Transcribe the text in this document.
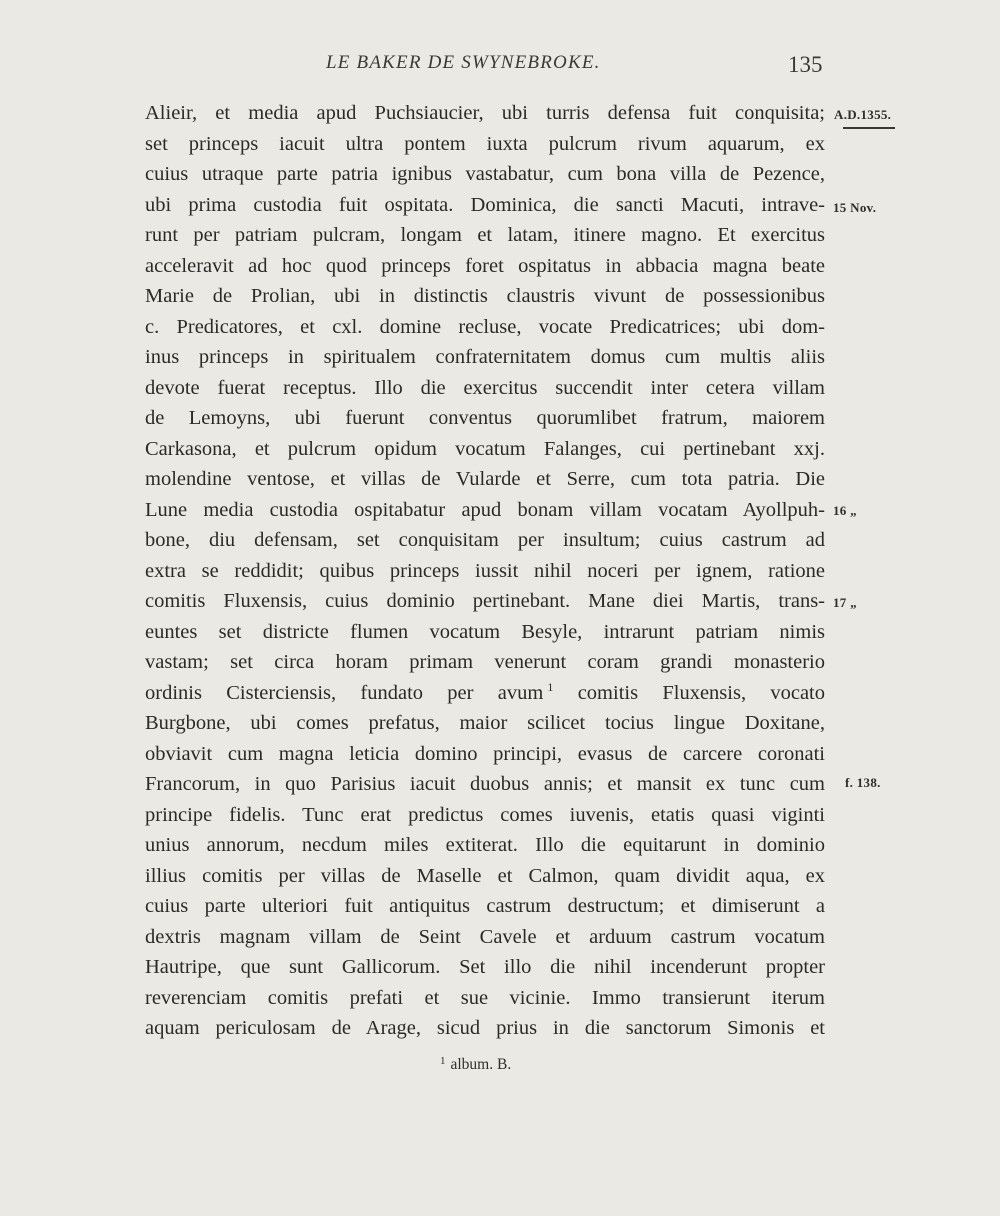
LE BAKER DE SWYNEBROKE.	135
Alieir, et media apud Puchsiaucier, ubi turris defensa fuit conquisita;
set princeps iacuit ultra pontem iuxta pulcrum rivum aquarum, ex
cuius utraque parte patria ignibus vastabatur, cum bona villa de Pezence,
ubi prima custodia fuit ospitata. Dominica, die sancti Macuti, intrave-
runt per patriam pulcram, longam et latam, itinere magno. Et exercitus
acceleravit ad hoc quod princeps foret ospitatus in abbacia magna beate
Marie de Prolian, ubi in distinctis claustris vivunt de possessionibus
c. Predicatores, et cxl. domine recluse, vocate Predicatrices; ubi dom-
inus princeps in spiritualem confraternitatem domus cum multis aliis
devote fuerat receptus. Illo die exercitus succendit inter cetera villam
de Lemoyns, ubi fuerunt conventus quorumlibet fratrum, maiorem
Carkasona, et pulcrum opidum vocatum Falanges, cui pertinebant xxj.
molendine ventose, et villas de Vularde et Serre, cum tota patria. Die
Lune media custodia ospitabatur apud bonam villam vocatam Ayollpuh-
bone, diu defensam, set conquisitam per insultum; cuius castrum ad
extra se reddidit; quibus princeps iussit nihil noceri per ignem, ratione
comitis Fluxensis, cuius dominio pertinebant. Mane diei Martis, trans-
euntes set districte flumen vocatum Besyle, intrarunt patriam nimis
vastam; set circa horam primam venerunt coram grandi monasterio
ordinis Cisterciensis, fundato per avum  $^1$ comitis Fluxensis, vocato
Burgbone, ubi comes prefatus, maior scilicet tocius lingue Doxitane,
obviavit cum magna leticia domino principi, evasus de carcere coronati
Francorum, in quo Parisius iacuit duobus annis; et mansit ex tunc cum
principe fidelis. Tunc erat predictus comes iuvenis, etatis quasi viginti
unius annorum, necdum miles extiterat. Illo die equitarunt in dominio
illius comitis per villas de Maselle et Calmon, quam dividit aqua, ex
cuius parte ulteriori fuit antiquitus castrum destructum; et dimiserunt a
dextris magnam villam de Seint Cavele et arduum castrum vocatum
Hautripe, que sunt Gallicorum. Set illo die nihil incenderunt propter
reverenciam comitis prefati et sue vicinie. Immo transierunt iterum
aquam periculosam de Arage, sicud prius in die sanctorum Simonis et
A.D.1355.
15 Nov.
16 „
17 „
f. 138.
$^1$ album. B.
